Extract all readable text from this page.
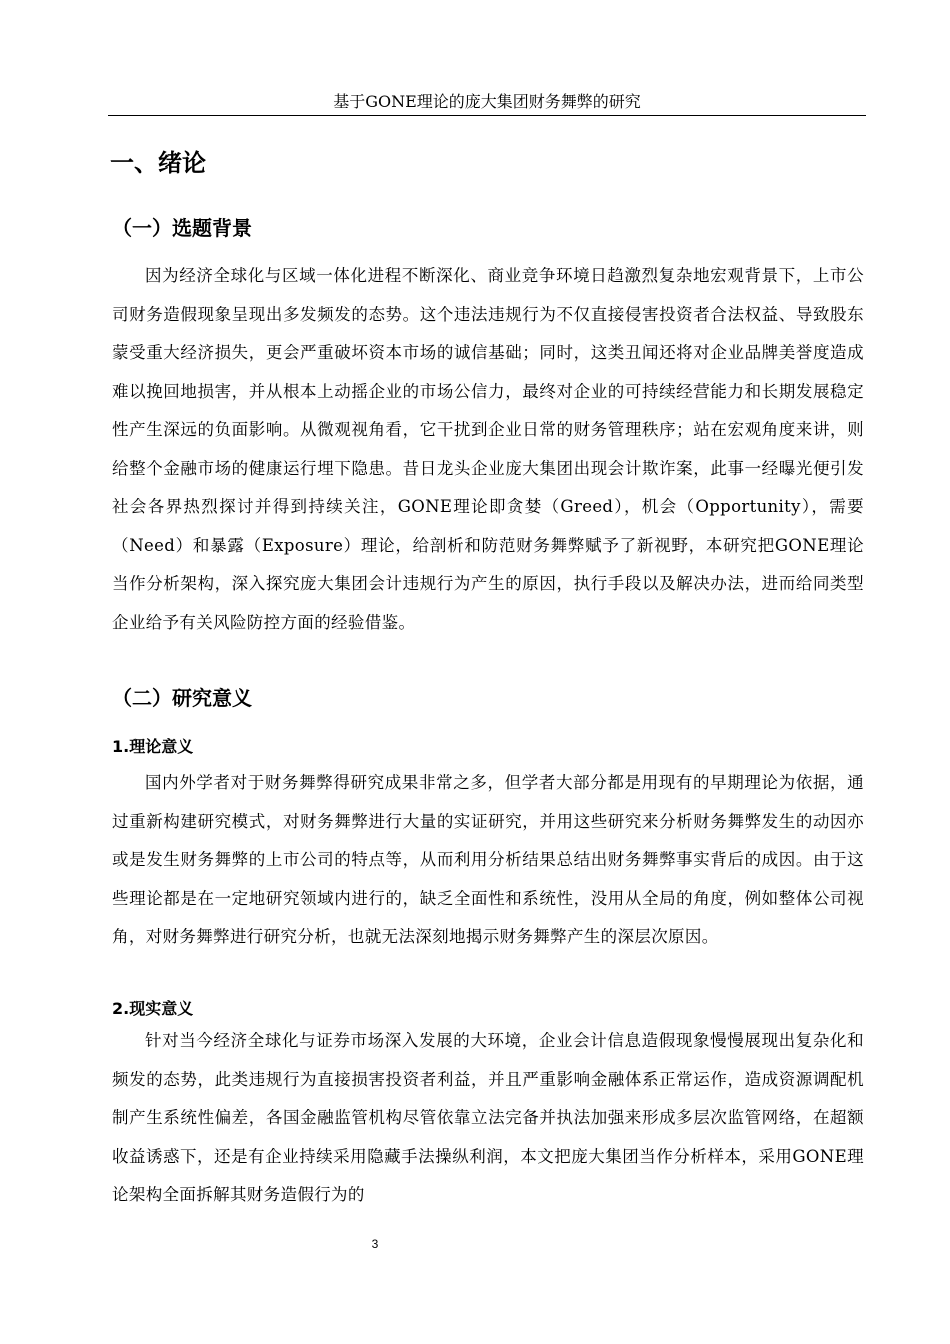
基于GONE理论的庞大集团财务舞弊的研究
一、绪论
（一）选题背景

因为经济全球化与区域一体化进程不断深化、商业竞争环境日趋激烈复杂地宏观背景下，上市公司财务造假现象呈现出多发频发的态势。这个违法违规行为不仅直接侵害投资者合法权益、导致股东蒙受重大经济损失，更会严重破坏资本市场的诚信基础；同时，这类丑闻还将对企业品牌美誉度造成难以挽回地损害，并从根本上动摇企业的市场公信力，最终对企业的可持续经营能力和长期发展稳定性产生深远的负面影响。从微观视角看，它干扰到企业日常的财务管理秩序；站在宏观角度来讲，则给整个金融市场的健康运行埋下隐患。昔日龙头企业庞大集团出现会计欺诈案，此事一经曝光便引发社会各界热烈探讨并得到持续关注，GONE理论即贪婪（Greed），机会（Opportunity），需要（Need）和暴露（Exposure）理论，给剖析和防范财务舞弊赋予了新视野，本研究把GONE理论当作分析架构，深入探究庞大集团会计违规行为产生的原因，执行手段以及解决办法，进而给同类型企业给予有关风险防控方面的经验借鉴。

（二）研究意义
1.理论意义

国内外学者对于财务舞弊得研究成果非常之多，但学者大部分都是用现有的早期理论为依据，通过重新构建研究模式，对财务舞弊进行大量的实证研究，并用这些研究来分析财务舞弊发生的动因亦或是发生财务舞弊的上市公司的特点等，从而利用分析结果总结出财务舞弊事实背后的成因。由于这些理论都是在一定地研究领域内进行的，缺乏全面性和系统性，没用从全局的角度，例如整体公司视角，对财务舞弊进行研究分析，也就无法深刻地揭示财务舞弊产生的深层次原因。

2.现实意义

针对当今经济全球化与证券市场深入发展的大环境，企业会计信息造假现象慢慢展现出复杂化和频发的态势，此类违规行为直接损害投资者利益，并且严重影响金融体系正常运作，造成资源调配机制产生系统性偏差，各国金融监管机构尽管依靠立法完备并执法加强来形成多层次监管网络，在超额收益诱惑下，还是有企业持续采用隐藏手法操纵利润，本文把庞大集团当作分析样本，采用GONE理论架构全面拆解其财务造假行为的

3
